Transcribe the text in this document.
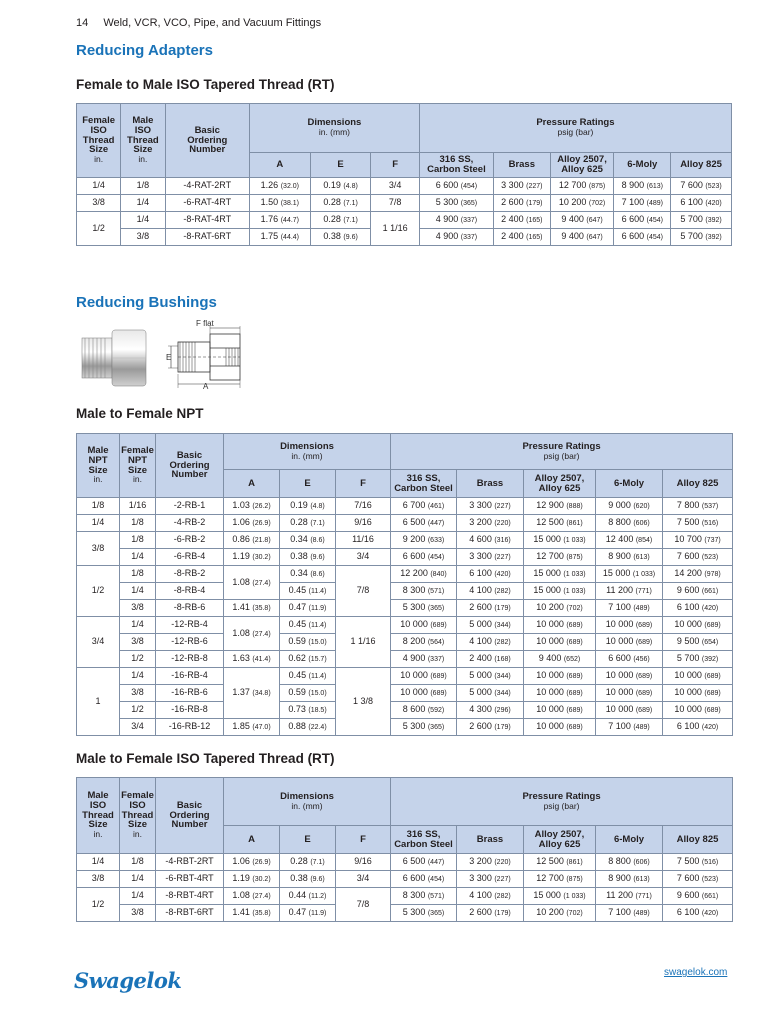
14 Weld, VCR, VCO, Pipe, and Vacuum Fittings
Reducing Adapters
Female to Male ISO Tapered Thread (RT)
Female
ISO
Thread
Size
in.	Male
ISO
Thread
Size
in.	Basic
Ordering
Number	Dimensions
in. (mm)			Pressure Ratings
psig (bar)				
			A	E	F	316 SS,
Carbon Steel	Brass	Alloy 2507,
Alloy 625	6-Moly	Alloy 825
1/4	1/8	-4-RAT-2RT	1.26 (32.0)	0.19 (4.8)	3/4	6 600 (454)	3 300 (227)	12 700 (875)	8 900 (613)	7 600 (523)
3/8	1/4	-6-RAT-4RT	1.50 (38.1)	0.28 (7.1)	7/8	5 300 (365)	2 600 (179)	10 200 (702)	7 100 (489)	6 100 (420)
1/2	1/4	-8-RAT-4RT	1.76 (44.7)	0.28 (7.1)	1 1/16	4 900 (337)	2 400 (165)	9 400 (647)	6 600 (454)	5 700 (392)
	3/8	-8-RAT-6RT	1.75 (44.4)	0.38 (9.6)		4 900 (337)	2 400 (165)	9 400 (647)	6 600 (454)	5 700 (392)
Reducing Bushings
F flat
E
A
Male to Female NPT
Male
NPT
Size
in.	Female
NPT
Size
in.	Basic
Ordering
Number	Dimensions
in. (mm)			Pressure Ratings
psig (bar)				
			A	E	F	316 SS,
Carbon Steel	Brass	Alloy 2507,
Alloy 625	6-Moly	Alloy 825
1/8	1/16	-2-RB-1	1.03 (26.2)	0.19 (4.8)	7/16	6 700 (461)	3 300 (227)	12 900 (888)	9 000 (620)	7 800 (537)
1/4	1/8	-4-RB-2	1.06 (26.9)	0.28 (7.1)	9/16	6 500 (447)	3 200 (220)	12 500 (861)	8 800 (606)	7 500 (516)
3/8	1/8	-6-RB-2	0.86 (21.8)	0.34 (8.6)	11/16	9 200 (633)	4 600 (316)	15 000 (1 033)	12 400 (854)	10 700 (737)
	1/4	-6-RB-4	1.19 (30.2)	0.38 (9.6)	3/4	6 600 (454)	3 300 (227)	12 700 (875)	8 900 (613)	7 600 (523)
1/2	1/8	-8-RB-2	1.08 (27.4)	0.34 (8.6)	7/8	12 200 (840)	6 100 (420)	15 000 (1 033)	15 000 (1 033)	14 200 (978)
	1/4	-8-RB-4		0.45 (11.4)		8 300 (571)	4 100 (282)	15 000 (1 033)	11 200 (771)	9 600 (661)
	3/8	-8-RB-6	1.41 (35.8)	0.47 (11.9)		5 300 (365)	2 600 (179)	10 200 (702)	7 100 (489)	6 100 (420)
3/4	1/4	-12-RB-4	1.08 (27.4)	0.45 (11.4)	1 1/16	10 000 (689)	5 000 (344)	10 000 (689)	10 000 (689)	10 000 (689)
	3/8	-12-RB-6		0.59 (15.0)		8 200 (564)	4 100 (282)	10 000 (689)	10 000 (689)	9 500 (654)
	1/2	-12-RB-8	1.63 (41.4)	0.62 (15.7)		4 900 (337)	2 400 (168)	9 400 (652)	6 600 (456)	5 700 (392)
1	1/4	-16-RB-4	1.37 (34.8)	0.45 (11.4)	1 3/8	10 000 (689)	5 000 (344)	10 000 (689)	10 000 (689)	10 000 (689)
	3/8	-16-RB-6		0.59 (15.0)		10 000 (689)	5 000 (344)	10 000 (689)	10 000 (689)	10 000 (689)
	1/2	-16-RB-8		0.73 (18.5)		8 600 (592)	4 300 (296)	10 000 (689)	10 000 (689)	10 000 (689)
	3/4	-16-RB-12	1.85 (47.0)	0.88 (22.4)		5 300 (365)	2 600 (179)	10 000 (689)	7 100 (489)	6 100 (420)
Male to Female ISO Tapered Thread (RT)
Male
ISO
Thread
Size
in.	Female
ISO
Thread
Size
in.	Basic
Ordering
Number	Dimensions
in. (mm)			Pressure Ratings
psig (bar)				
			A	E	F	316 SS,
Carbon Steel	Brass	Alloy 2507,
Alloy 625	6-Moly	Alloy 825
1/4	1/8	-4-RBT-2RT	1.06 (26.9)	0.28 (7.1)	9/16	6 500 (447)	3 200 (220)	12 500 (861)	8 800 (606)	7 500 (516)
3/8	1/4	-6-RBT-4RT	1.19 (30.2)	0.38 (9.6)	3/4	6 600 (454)	3 300 (227)	12 700 (875)	8 900 (613)	7 600 (523)
1/2	1/4	-8-RBT-4RT	1.08 (27.4)	0.44 (11.2)	7/8	8 300 (571)	4 100 (282)	15 000 (1 033)	11 200 (771)	9 600 (661)
	3/8	-8-RBT-6RT	1.41 (35.8)	0.47 (11.9)		5 300 (365)	2 600 (179)	10 200 (702)	7 100 (489)	6 100 (420)
Swagelok	swagelok.com
